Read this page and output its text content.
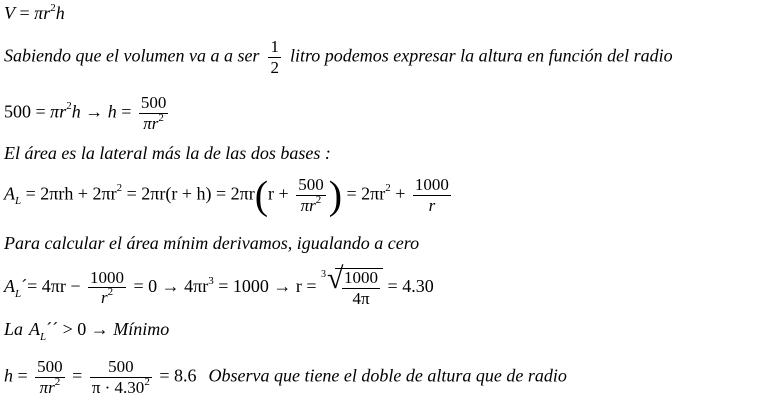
$V = \pi r^2h$
Sabiendo que el volumen va a a ser $\frac{1}{2}$ litro podemos expresar la altura en función del radio
$500 = \pi r^2h \to h = \frac{500}{\pi r^2}$
El área es la lateral más la de las dos bases :
$A_L = 2\pi rh + 2\pi r^2 = 2\pi r(r + h) = 2\pi r(r + \frac{500}{\pi r^2}$ ) = $2\pi r^2 + \frac{1000}{r}$
Para calcular el área mínim derivamos, igualando a cero
$A_L´= 4\pi r - \frac{1000}{r^2} = 0 \to 4\pi r^3 = 1000 \to r$ =
3 √
$\frac{1000}{4\pi} = 4.30$
La $A_L´´ > 0$ → Mínimo
$h = \frac{500}{\pi r^2} = \frac{500}{\pi \cdot 4.30^2} = 8.6$ Observa que tiene el doble de altura que de radio
